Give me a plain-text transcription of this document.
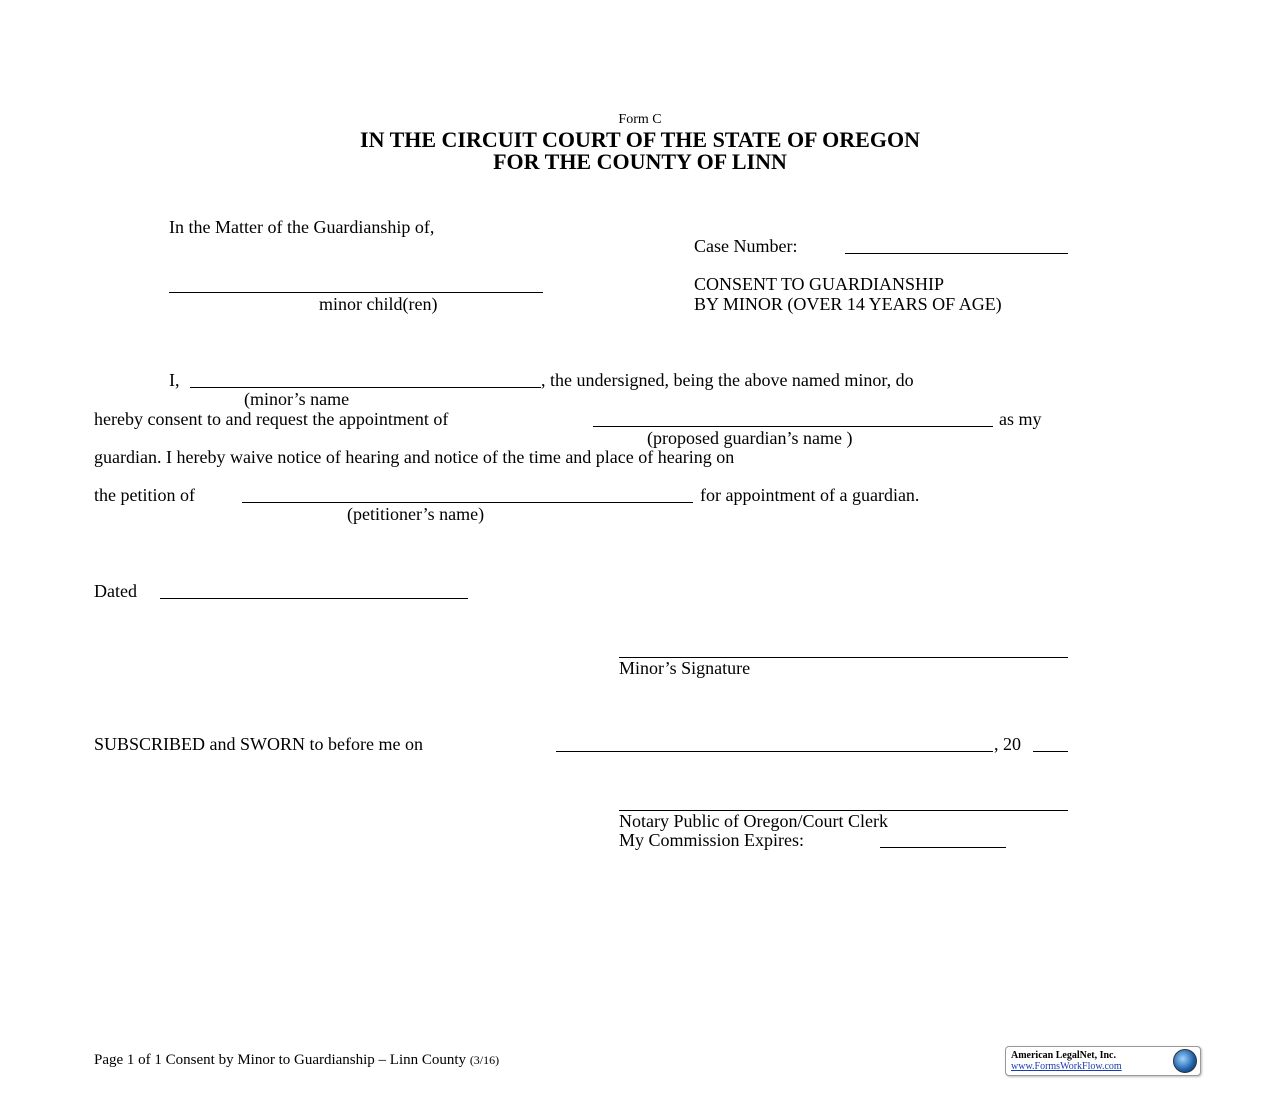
Form C
IN THE CIRCUIT COURT OF THE STATE OF OREGON
FOR THE COUNTY OF LINN
In the Matter of the Guardianship of,
Case Number:
minor child(ren)
CONSENT TO GUARDIANSHIP
BY MINOR (OVER 14 YEARS OF AGE)
I,	, the undersigned, being the above named minor, do
(minor’s name
hereby consent to and request the appointment of	as my
(proposed guardian’s name )
guardian. I hereby waive notice of hearing and notice of the time and place of hearing on
the petition of	for appointment of a guardian.
(petitioner’s name)
Dated
Minor’s Signature
SUBSCRIBED and SWORN to before me on	, 20
Notary Public of Oregon/Court Clerk
My Commission Expires:
Page 1 of 1 Consent by Minor to Guardianship – Linn County (3/16)	American LegalNet, Inc.
www.FormsWorkFlow.com
